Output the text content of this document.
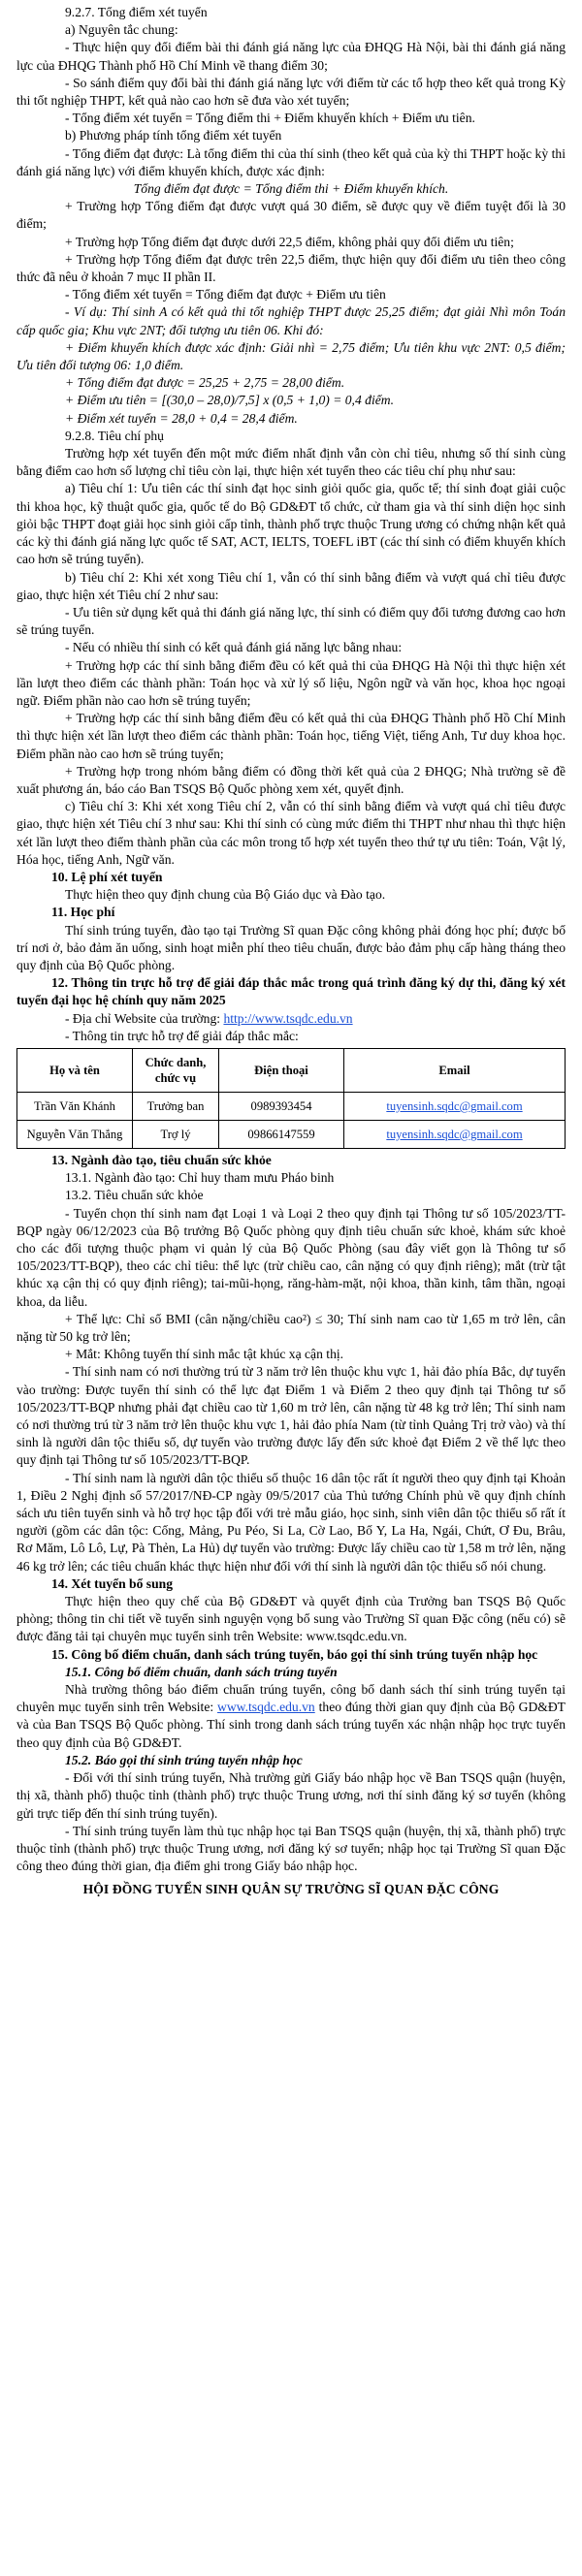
9.2.7. Tổng điểm xét tuyển

a) Nguyên tắc chung:

- Thực hiện quy đổi điểm bài thi đánh giá năng lực của ĐHQG Hà Nội, bài thi đánh giá năng lực của ĐHQG Thành phố Hồ Chí Minh về thang điểm 30;

- So sánh điểm quy đổi bài thi đánh giá năng lực với điểm từ các tổ hợp theo kết quả trong Kỳ thi tốt nghiệp THPT, kết quả nào cao hơn sẽ đưa vào xét tuyển;

- Tổng điểm xét tuyển = Tổng điểm thi + Điểm khuyến khích + Điểm ưu tiên.

b) Phương pháp tính tổng điểm xét tuyển

- Tổng điểm đạt được: Là tổng điểm thi của thí sinh (theo kết quả của kỳ thi THPT hoặc kỳ thi đánh giá năng lực) với điểm khuyến khích, được xác định:

Tổng điểm đạt được = Tổng điểm thi + Điểm khuyến khích.

+ Trường hợp Tổng điểm đạt được vượt quá 30 điểm, sẽ được quy về điểm tuyệt đối là 30 điểm;

+ Trường hợp Tổng điểm đạt được dưới 22,5 điểm, không phải quy đổi điểm ưu tiên;

+ Trường hợp Tổng điểm đạt được trên 22,5 điểm, thực hiện quy đổi điểm ưu tiên theo công thức đã nêu ở khoản 7 mục II phần II.

- Tổng điểm xét tuyển = Tổng điểm đạt được + Điểm ưu tiên

- Ví dụ: Thí sinh A có kết quả thi tốt nghiệp THPT được 25,25 điểm; đạt giải Nhì môn Toán cấp quốc gia; Khu vực 2NT; đối tượng ưu tiên 06. Khi đó:

+ Điểm khuyến khích được xác định: Giải nhì = 2,75 điểm; Ưu tiên khu vực 2NT: 0,5 điểm; Ưu tiên đối tượng 06: 1,0 điểm.

+ Tổng điểm đạt được = 25,25 + 2,75 = 28,00 điểm.

+ Điểm ưu tiên = [(30,0 – 28,0)/7,5] x (0,5 + 1,0) = 0,4 điểm.

+ Điểm xét tuyển = 28,0 + 0,4 = 28,4 điểm.

9.2.8. Tiêu chí phụ

Trường hợp xét tuyển đến một mức điểm nhất định vẫn còn chỉ tiêu, nhưng số thí sinh cùng bằng điểm cao hơn số lượng chỉ tiêu còn lại, thực hiện xét tuyển theo các tiêu chí phụ như sau:

a) Tiêu chí 1: Ưu tiên các thí sinh đạt học sinh giỏi quốc gia, quốc tế; thí sinh đoạt giải cuộc thi khoa học, kỹ thuật quốc gia, quốc tế do Bộ GD&ĐT tổ chức, cử tham gia và thí sinh diện học sinh giỏi bậc THPT đoạt giải học sinh giỏi cấp tỉnh, thành phố trực thuộc Trung ương có chứng nhận kết quả các kỳ thi đánh giá năng lực quốc tế SAT, ACT, IELTS, TOEFL iBT (các thí sinh có điểm khuyến khích cao hơn sẽ trúng tuyển).

b) Tiêu chí 2: Khi xét xong Tiêu chí 1, vẫn có thí sinh bằng điểm và vượt quá chỉ tiêu được giao, thực hiện xét Tiêu chí 2 như sau:

- Ưu tiên sử dụng kết quả thi đánh giá năng lực, thí sinh có điểm quy đổi tương đương cao hơn sẽ trúng tuyển.

- Nếu có nhiều thí sinh có kết quả đánh giá năng lực bằng nhau:

+ Trường hợp các thí sinh bằng điểm đều có kết quả thi của ĐHQG Hà Nội thì thực hiện xét lần lượt theo điểm các thành phần: Toán học và xử lý số liệu, Ngôn ngữ và văn học, khoa học ngoại ngữ. Điểm phần nào cao hơn sẽ trúng tuyển;

+ Trường hợp các thí sinh bằng điểm đều có kết quả thi của ĐHQG Thành phố Hồ Chí Minh thì thực hiện xét lần lượt theo điểm các thành phần: Toán học, tiếng Việt, tiếng Anh, Tư duy khoa học. Điểm phần nào cao hơn sẽ trúng tuyển;

+ Trường hợp trong nhóm bằng điểm có đồng thời kết quả của 2 ĐHQG; Nhà trường sẽ đề xuất phương án, báo cáo Ban TSQS Bộ Quốc phòng xem xét, quyết định.

c) Tiêu chí 3: Khi xét xong Tiêu chí 2, vẫn có thí sinh bằng điểm và vượt quá chỉ tiêu được giao, thực hiện xét Tiêu chí 3 như sau: Khi thí sinh có cùng mức điểm thi THPT như nhau thì thực hiện xét lần lượt theo điểm thành phần của các môn trong tổ hợp xét tuyển theo thứ tự ưu tiên: Toán, Vật lý, Hóa học, tiếng Anh, Ngữ văn.

10. Lệ phí xét tuyển

Thực hiện theo quy định chung của Bộ Giáo dục và Đào tạo.

11. Học phí

Thí sinh trúng tuyển, đào tạo tại Trường Sĩ quan Đặc công không phải đóng học phí; được bố trí nơi ở, bảo đảm ăn uống, sinh hoạt miễn phí theo tiêu chuẩn, được bảo đảm phụ cấp hàng tháng theo quy định của Bộ Quốc phòng.

12. Thông tin trực hỗ trợ để giải đáp thắc mắc trong quá trình đăng ký dự thi, đăng ký xét tuyển đại học hệ chính quy năm 2025

- Địa chỉ Website của trường: http://www.tsqdc.edu.vn

- Thông tin trực hỗ trợ để giải đáp thắc mắc:

Họ và tên	Chức danh, chức vụ	Điện thoại	Email
Trần Văn Khánh	Trưởng ban	0989393454	tuyensinh.sqdc@gmail.com
Nguyễn Văn Thắng	Trợ lý	09866147559	tuyensinh.sqdc@gmail.com

13. Ngành đào tạo, tiêu chuẩn sức khỏe

13.1. Ngành đào tạo: Chỉ huy tham mưu Pháo binh

13.2. Tiêu chuẩn sức khỏe

- Tuyển chọn thí sinh nam đạt Loại 1 và Loại 2 theo quy định tại Thông tư số 105/2023/TT-BQP ngày 06/12/2023 của Bộ trưởng Bộ Quốc phòng quy định tiêu chuẩn sức khoẻ, khám sức khoẻ cho các đối tượng thuộc phạm vi quản lý của Bộ Quốc Phòng (sau đây viết gọn là Thông tư số 105/2023/TT-BQP), theo các chỉ tiêu: thể lực (trừ chiều cao, cân nặng có quy định riêng); mắt (trừ tật khúc xạ cận thị có quy định riêng); tai-mũi-họng, răng-hàm-mặt, nội khoa, thần kinh, tâm thần, ngoại khoa, da liễu.

+ Thể lực: Chỉ số BMI (cân nặng/chiều cao²) ≤ 30; Thí sinh nam cao từ 1,65 m trở lên, cân nặng từ 50 kg trở lên;

+ Mắt: Không tuyển thí sinh mắc tật khúc xạ cận thị.

- Thí sinh nam có nơi thường trú từ 3 năm trở lên thuộc khu vực 1, hải đảo phía Bắc, dự tuyển vào trường: Được tuyển thí sinh có thể lực đạt Điểm 1 và Điểm 2 theo quy định tại Thông tư số 105/2023/TT-BQP nhưng phải đạt chiều cao từ 1,60 m trở lên, cân nặng từ 48 kg trở lên; Thí sinh nam có nơi thường trú từ 3 năm trở lên thuộc khu vực 1, hải đảo phía Nam (từ tỉnh Quảng Trị trở vào) và thí sinh là người dân tộc thiểu số, dự tuyển vào trường được lấy đến sức khoẻ đạt Điểm 2 về thể lực theo quy định tại Thông tư số 105/2023/TT-BQP.

- Thí sinh nam là người dân tộc thiểu số thuộc 16 dân tộc rất ít người theo quy định tại Khoản 1, Điều 2 Nghị định số 57/2017/NĐ-CP ngày 09/5/2017 của Thủ tướng Chính phủ về quy định chính sách ưu tiên tuyển sinh và hỗ trợ học tập đối với trẻ mẫu giáo, học sinh, sinh viên dân tộc thiểu số rất ít người (gồm các dân tộc: Cống, Mảng, Pu Péo, Si La, Cờ Lao, Bố Y, La Ha, Ngái, Chứt, Ơ Đu, Brâu, Rơ Măm, Lô Lô, Lự, Pà Thẻn, La Hủ) dự tuyển vào trường: Được lấy chiều cao từ 1,58 m trở lên, nặng 46 kg trở lên; các tiêu chuẩn khác thực hiện như đối với thí sinh là người dân tộc thiểu số nói chung.

14. Xét tuyển bổ sung

Thực hiện theo quy chế của Bộ GD&ĐT và quyết định của Trưởng ban TSQS Bộ Quốc phòng; thông tin chi tiết về tuyển sinh nguyện vọng bổ sung vào Trường Sĩ quan Đặc công (nếu có) sẽ được đăng tải tại chuyên mục tuyển sinh trên Website: www.tsqdc.edu.vn.

15. Công bố điểm chuẩn, danh sách trúng tuyển, báo gọi thí sinh trúng tuyển nhập học

15.1. Công bố điểm chuẩn, danh sách trúng tuyển

Nhà trường thông báo điểm chuẩn trúng tuyển, công bố danh sách thí sinh trúng tuyển tại chuyên mục tuyển sinh trên Website: www.tsqdc.edu.vn theo đúng thời gian quy định của Bộ GD&ĐT và của Ban TSQS Bộ Quốc phòng. Thí sinh trong danh sách trúng tuyển xác nhận nhập học trực tuyến theo quy định của Bộ GD&ĐT.

15.2. Báo gọi thí sinh trúng tuyển nhập học

- Đối với thí sinh trúng tuyển, Nhà trường gửi Giấy báo nhập học về Ban TSQS quận (huyện, thị xã, thành phố) thuộc tỉnh (thành phố) trực thuộc Trung ương, nơi thí sinh đăng ký sơ tuyển (không gửi trực tiếp đến thí sinh trúng tuyển).

- Thí sinh trúng tuyển làm thủ tục nhập học tại Ban TSQS quận (huyện, thị xã, thành phố) trực thuộc tỉnh (thành phố) trực thuộc Trung ương, nơi đăng ký sơ tuyển; nhập học tại Trường Sĩ quan Đặc công theo đúng thời gian, địa điểm ghi trong Giấy báo nhập học.

HỘI ĐỒNG TUYỂN SINH QUÂN SỰ TRƯỜNG SĨ QUAN ĐẶC CÔNG
